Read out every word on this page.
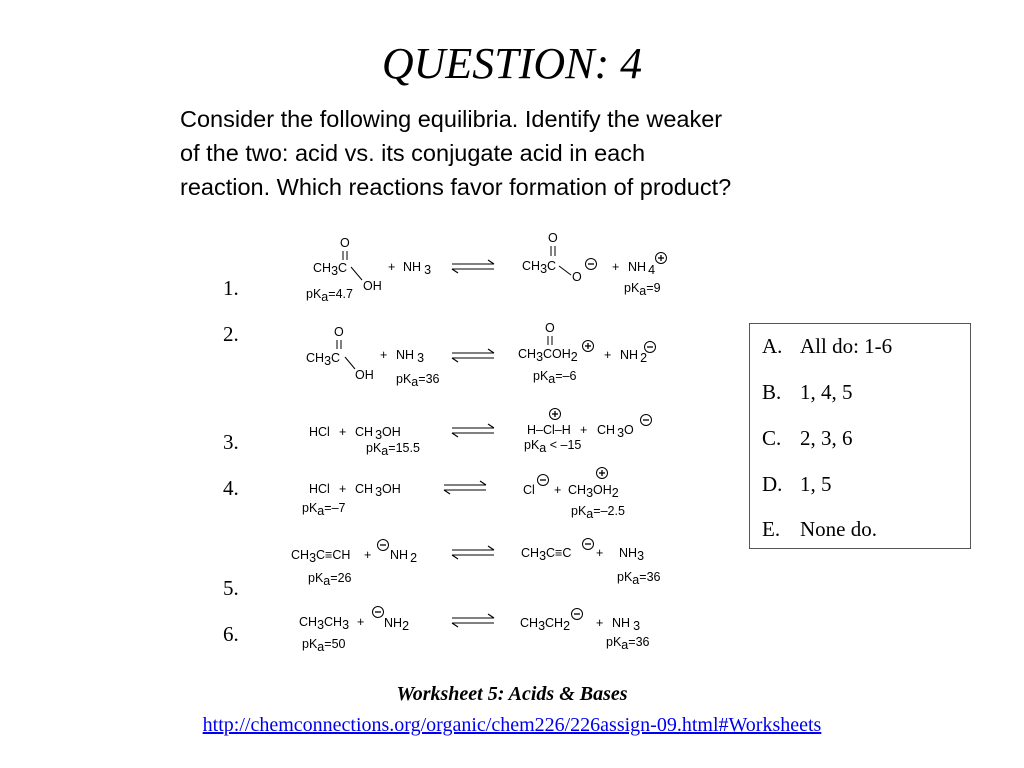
QUESTION: 4
Consider the following equilibria. Identify the weaker
of the two: acid vs. its conjugate acid in each
reaction. Which reactions favor formation of product?
1.
2.
3.
4.
5.
6.
O
CH3C
OH
+ NH 3
O
CH3C
O
+ NH 4
pKa=4.7	pKa=9
O
CH3C
OH
+ NH 3
O
CH3COH2 + NH 2
pKa=36	pKa=–6
HCl + CH 3OH	H–Cl–H + CH 3O
pKa=15.5	pKa < –15
HCl + CH 3OH	Cl + CH3OH2
pKa=–7	pKa=–2.5
CH3C≡CH + NH 2	CH3C≡C + NH3
pKa=26	pKa=36
CH3CH3 + NH2	CH3CH2 + NH 3
pKa=50	pKa=36
A. All do: 1-6
B. 1, 4, 5
C. 2, 3, 6
D. 1, 5
E. None do.
Worksheet 5: Acids & Bases
http://chemconnections.org/organic/chem226/226assign-09.html#Worksheets
